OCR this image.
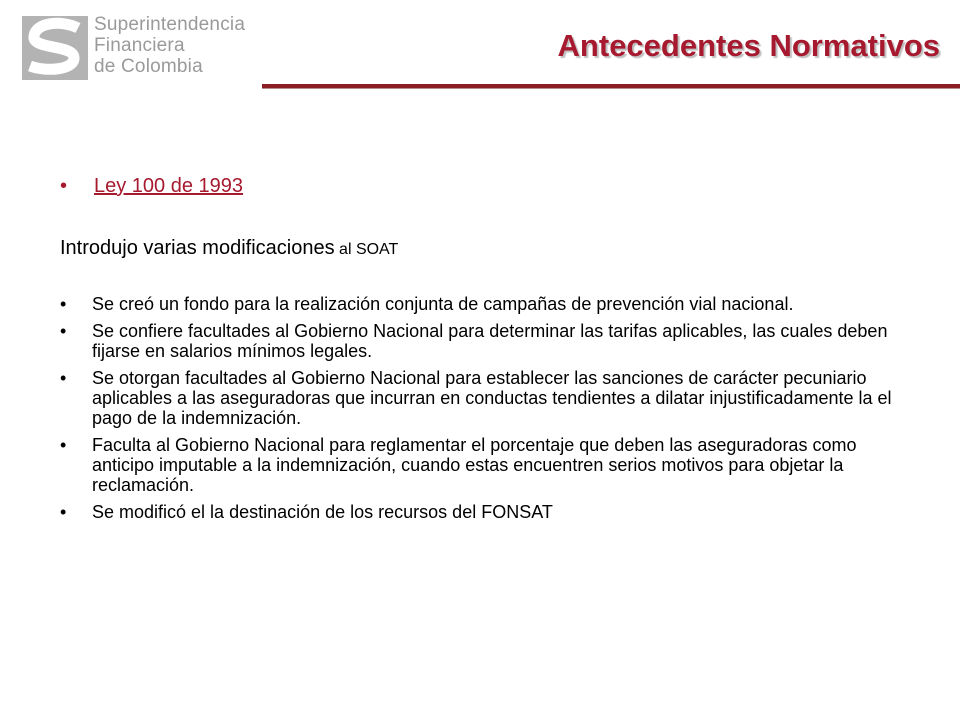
Superintendencia
Financiera
de Colombia
Antecedentes Normativos
• Ley 100 de 1993
Introdujo varias modificaciones al SOAT
• Se creó un fondo para la realización conjunta de campañas de prevención vial nacional.
• Se confiere facultades al Gobierno Nacional para determinar las tarifas aplicables, las cuales deben fijarse en salarios mínimos legales.
• Se otorgan facultades al Gobierno Nacional para establecer las sanciones de carácter pecuniario aplicables a las aseguradoras que incurran en conductas tendientes a dilatar injustificadamente la el pago de la indemnización.
• Faculta al Gobierno Nacional para reglamentar el porcentaje que deben las aseguradoras como anticipo imputable a la indemnización, cuando estas encuentren serios motivos para objetar la reclamación.
• Se modificó el la destinación de los recursos del FONSAT
